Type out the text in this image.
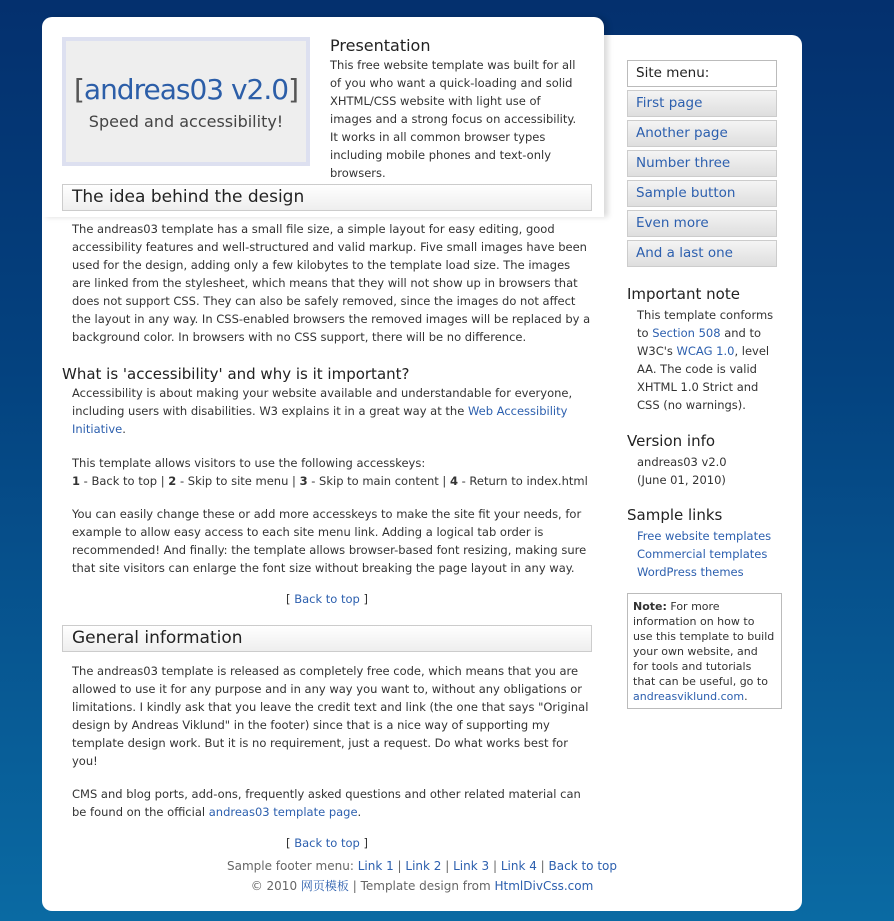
[andreas03 v2.0]
Speed and accessibility!
Presentation

This free website template was built for all of you who want a quick-loading and solid XHTML/CSS website with light use of images and a strong focus on accessibility. It works in all common browser types including mobile phones and text-only browsers.

The idea behind the design

The andreas03 template has a small file size, a simple layout for easy editing, good accessibility features and well-structured and valid markup. Five small images have been used for the design, adding only a few kilobytes to the template load size. The images are linked from the stylesheet, which means that they will not show up in browsers that does not support CSS. They can also be safely removed, since the images do not affect the layout in any way. In CSS-enabled browsers the removed images will be replaced by a background color. In browsers with no CSS support, there will be no difference.

What is 'accessibility' and why is it important?

Accessibility is about making your website available and understandable for everyone, including users with disabilities. W3 explains it in a great way at the Web Accessibility Initiative.

This template allows visitors to use the following accesskeys:
1 - Back to top | 2 - Skip to site menu | 3 - Skip to main content | 4 - Return to index.html

You can easily change these or add more accesskeys to make the site fit your needs, for example to allow easy access to each site menu link. Adding a logical tab order is recommended! And finally: the template allows browser-based font resizing, making sure that site visitors can enlarge the font size without breaking the page layout in any way.

[ Back to top ]
General information

The andreas03 template is released as completely free code, which means that you are allowed to use it for any purpose and in any way you want to, without any obligations or limitations. I kindly ask that you leave the credit text and link (the one that says "Original design by Andreas Viklund" in the footer) since that is a nice way of supporting my template design work. But it is no requirement, just a request. Do what works best for you!

CMS and blog ports, add-ons, frequently asked questions and other related material can be found on the official andreas03 template page.

[ Back to top ]
Site menu:
First page
Another page
Number three
Sample button
Even more
And a last one
Important note

This template conforms to Section 508 and to W3C's WCAG 1.0, level AA. The code is valid XHTML 1.0 Strict and CSS (no warnings).

Version info

andreas03 v2.0
(June 01, 2010)

Sample links

Free website templates
Commercial templates
WordPress themes

Note: For more information on how to use this template to build your own website, and for tools and tutorials that can be useful, go to andreasviklund.com.
Sample footer menu: Link 1 | Link 2 | Link 3 | Link 4 | Back to top
© 2010 网页模板 | Template design from HtmlDivCss.com
